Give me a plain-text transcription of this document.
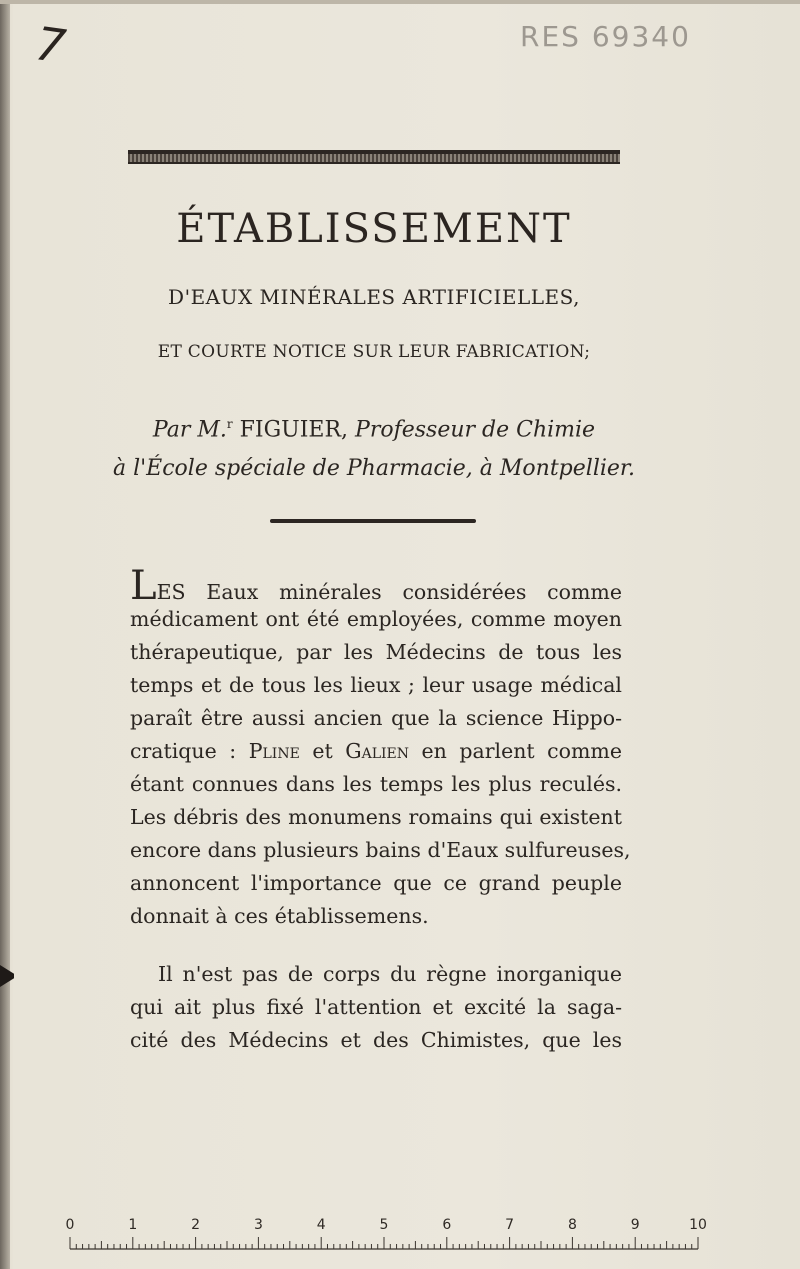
7	RES 69340
ÉTABLISSEMENT
D'EAUX MINÉRALES ARTIFICIELLES,
ET COURTE NOTICE SUR LEUR FABRICATION;
Par M.$^r$ FIGUIER, Professeur de Chimie
à l'École spéciale de Pharmacie, à Montpellier.
LES Eaux minérales considérées comme
médicament ont été employées, comme moyen
thérapeutique, par les Médecins de tous les
temps et de tous les lieux ; leur usage médical
paraît être aussi ancien que la science Hippo-
cratique : Pline et Galien en parlent comme
étant connues dans les temps les plus reculés.
Les débris des monumens romains qui existent
encore dans plusieurs bains d'Eaux sulfureuses,
annoncent l'importance que ce grand peuple
donnait à ces établissemens.
Il n'est pas de corps du règne inorganique
qui ait plus fixé l'attention et excité la saga-
cité des Médecins et des Chimistes, que les
0	1	2	3	4	5	6	7	8	9	10
